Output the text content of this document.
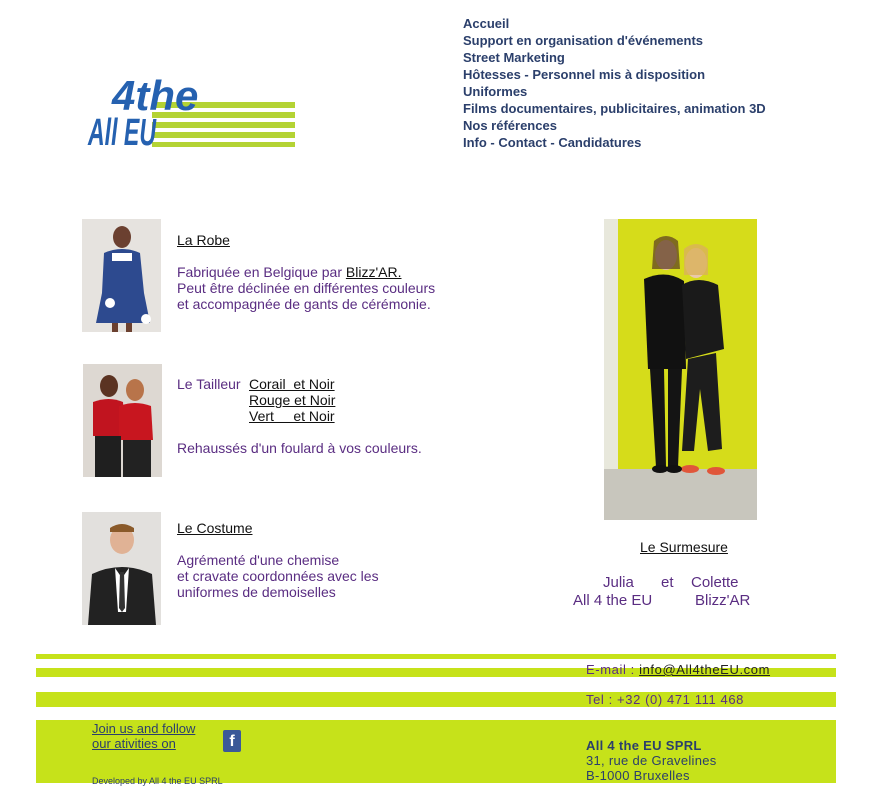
4the
All EU
Accueil
Support en organisation d'événements
Street Marketing
Hôtesses - Personnel mis à disposition
Uniformes
Films documentaires, publicitaires, animation 3D
Nos références
Info - Contact - Candidatures
La Robe
Fabriquée en Belgique par Blizz'AR.
Peut être déclinée en différentes couleurs
et accompagnée de gants de cérémonie.
Le Tailleur Corail  et Noir
Rouge et Noir
Vert     et Noir
Rehaussés d'un foulard à vos couleurs.
Le Costume
Agrémenté d'une chemise
et cravate coordonnées avec les
uniformes de demoiselles
Le Surmesure
Julia et Colette
All 4 the EU	Blizz'AR
E-mail : info@All4theEU.com
Tel : +32 (0) 471 111 468
Join us and follow
our ativities on	f
Developed by All 4 the EU SPRL
All 4 the EU SPRL
31, rue de Gravelines
B-1000 Bruxelles
